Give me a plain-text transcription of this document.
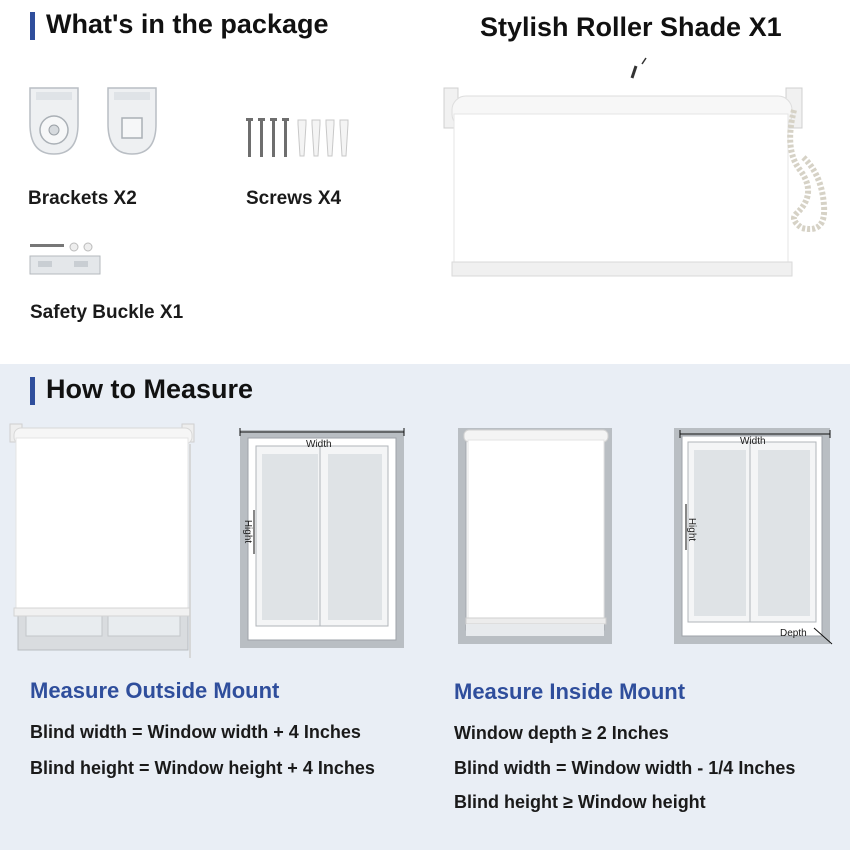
What's in the package
Brackets X2	Screws X4
Safety Buckle X1
Stylish Roller Shade X1
How to Measure
Width
Hight
Width
Hight
Depth
Measure Outside Mount
Blind width = Window width + 4 Inches
Blind height = Window height + 4 Inches
Measure Inside Mount
Window depth ≥ 2 Inches
Blind width = Window width - 1/4 Inches
Blind height ≥ Window height
